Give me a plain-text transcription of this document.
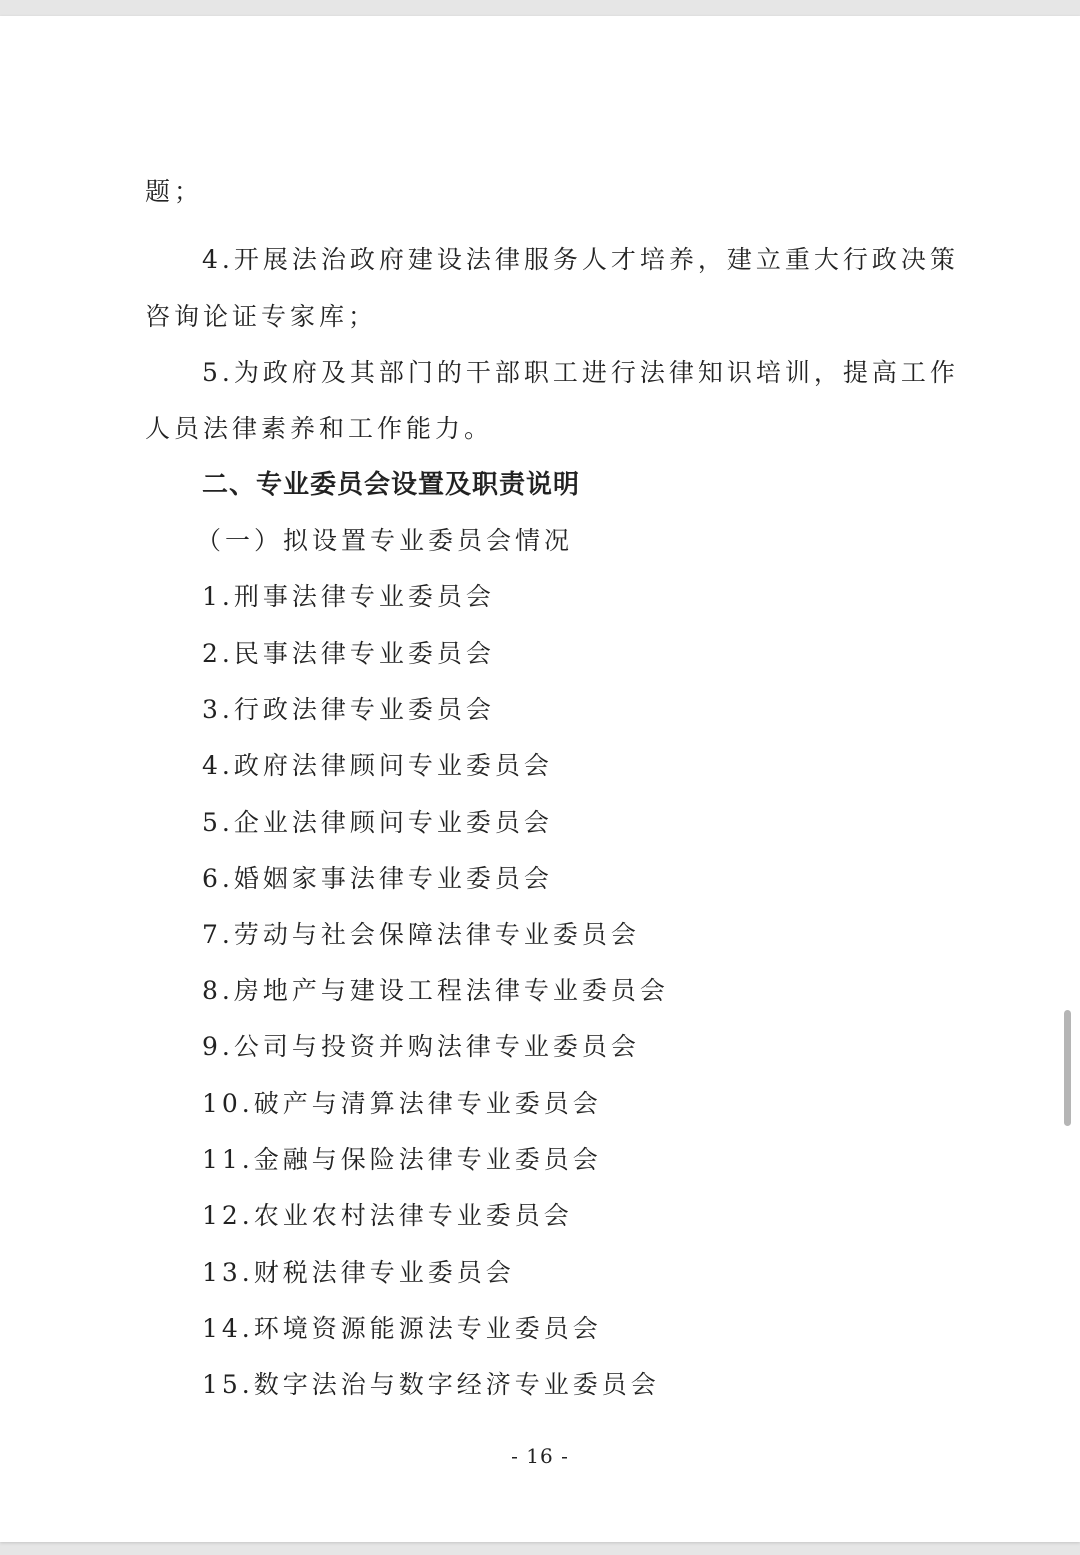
题；
4.开展法治政府建设法律服务人才培养，建立重大行政决策
咨询论证专家库；
5.为政府及其部门的干部职工进行法律知识培训，提高工作
人员法律素养和工作能力。
二、专业委员会设置及职责说明
（一）拟设置专业委员会情况
1.刑事法律专业委员会
2.民事法律专业委员会
3.行政法律专业委员会
4.政府法律顾问专业委员会
5.企业法律顾问专业委员会
6.婚姻家事法律专业委员会
7.劳动与社会保障法律专业委员会
8.房地产与建设工程法律专业委员会
9.公司与投资并购法律专业委员会
10.破产与清算法律专业委员会
11.金融与保险法律专业委员会
12.农业农村法律专业委员会
13.财税法律专业委员会
14.环境资源能源法专业委员会
15.数字法治与数字经济专业委员会
- 16 -
